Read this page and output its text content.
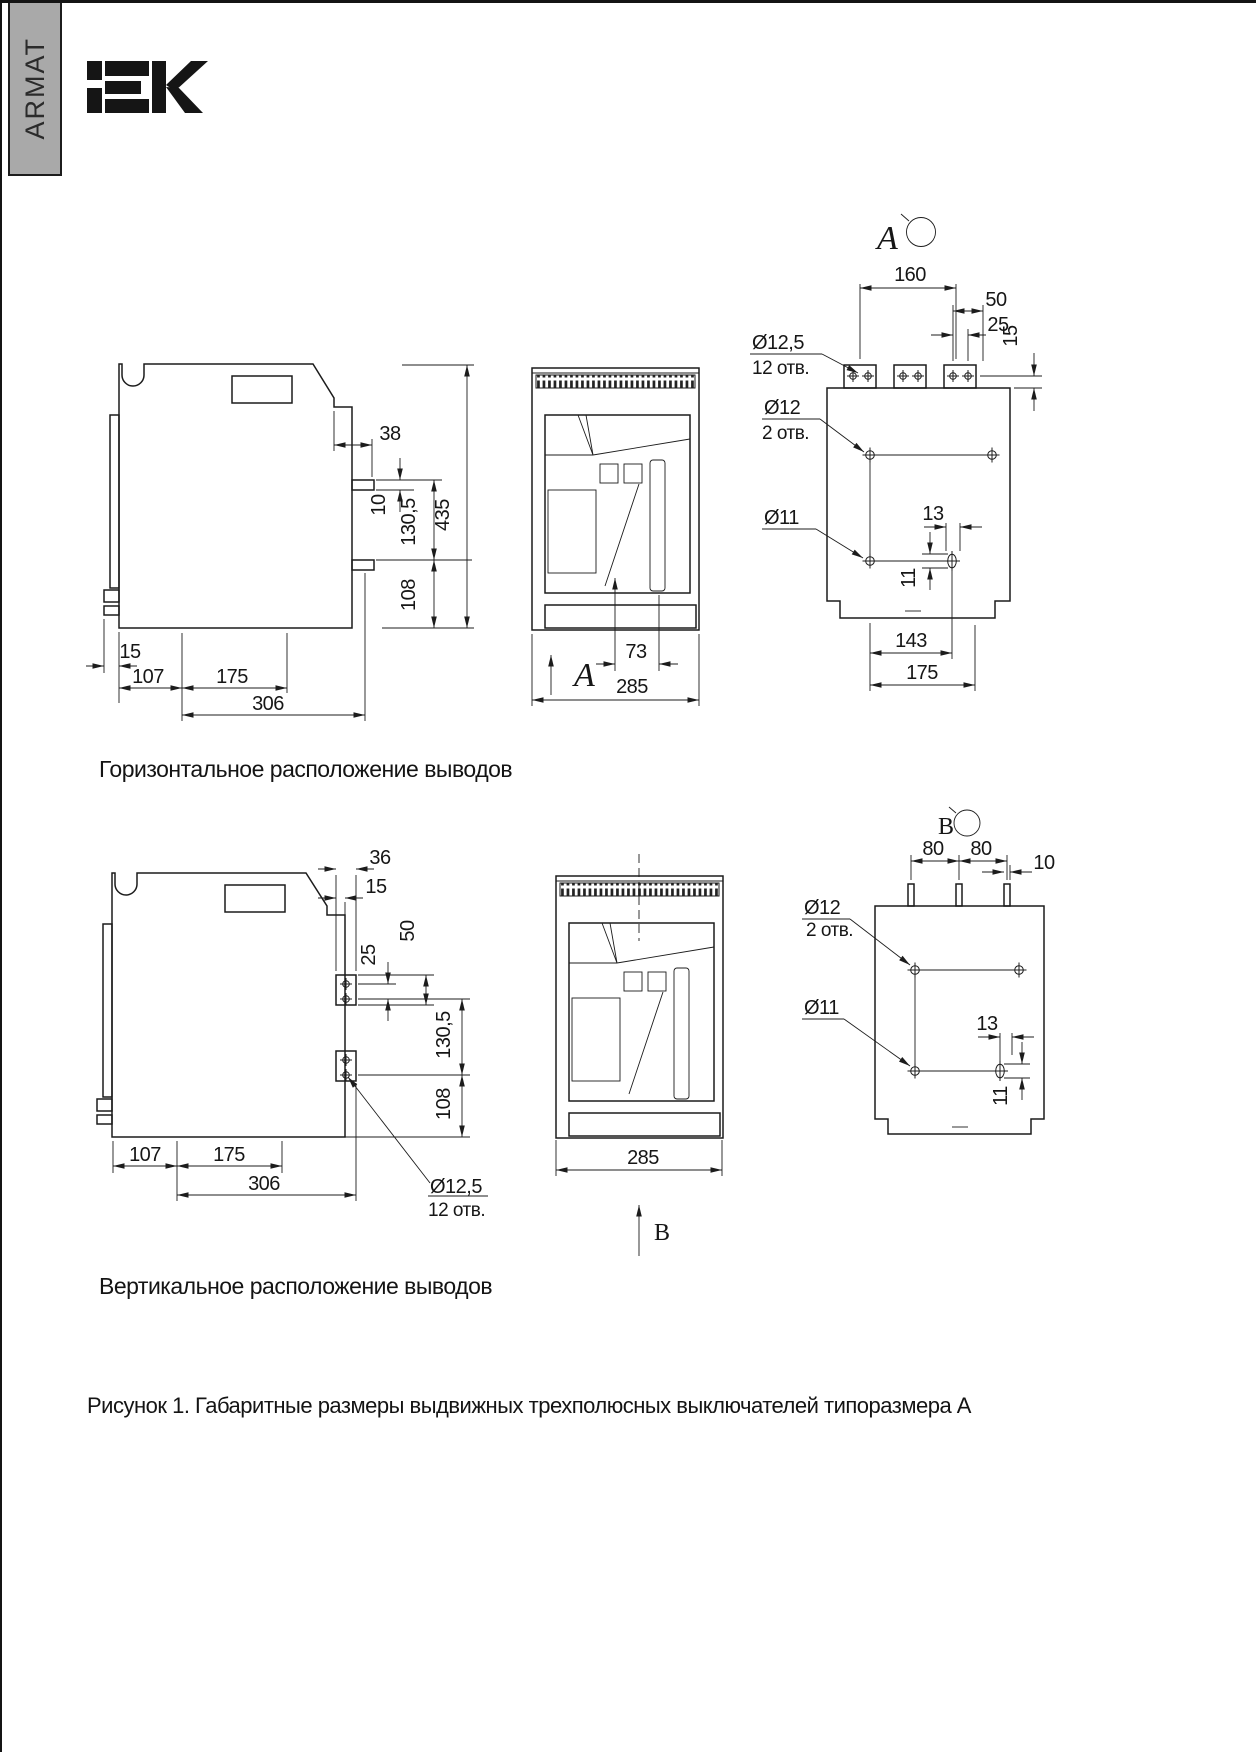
ARMAT
Горизонтальное расположение выводов
Вертикальное расположение выводов
Рисунок 1. Габаритные размеры выдвижных трехполюсных выключателей типоразмера А
38
10 130,5
108
435
15
107	175
306
73
А 285
А
160
50
25
15
Ø12,5
12 отв.
Ø12
2 отв.
Ø11	13
11
143
175
36
15
50
25
130,5
108
107	175
306	Ø12,5
12 отв.
285
В
В
80 80
10
Ø12
2 отв.
Ø11
13
11
